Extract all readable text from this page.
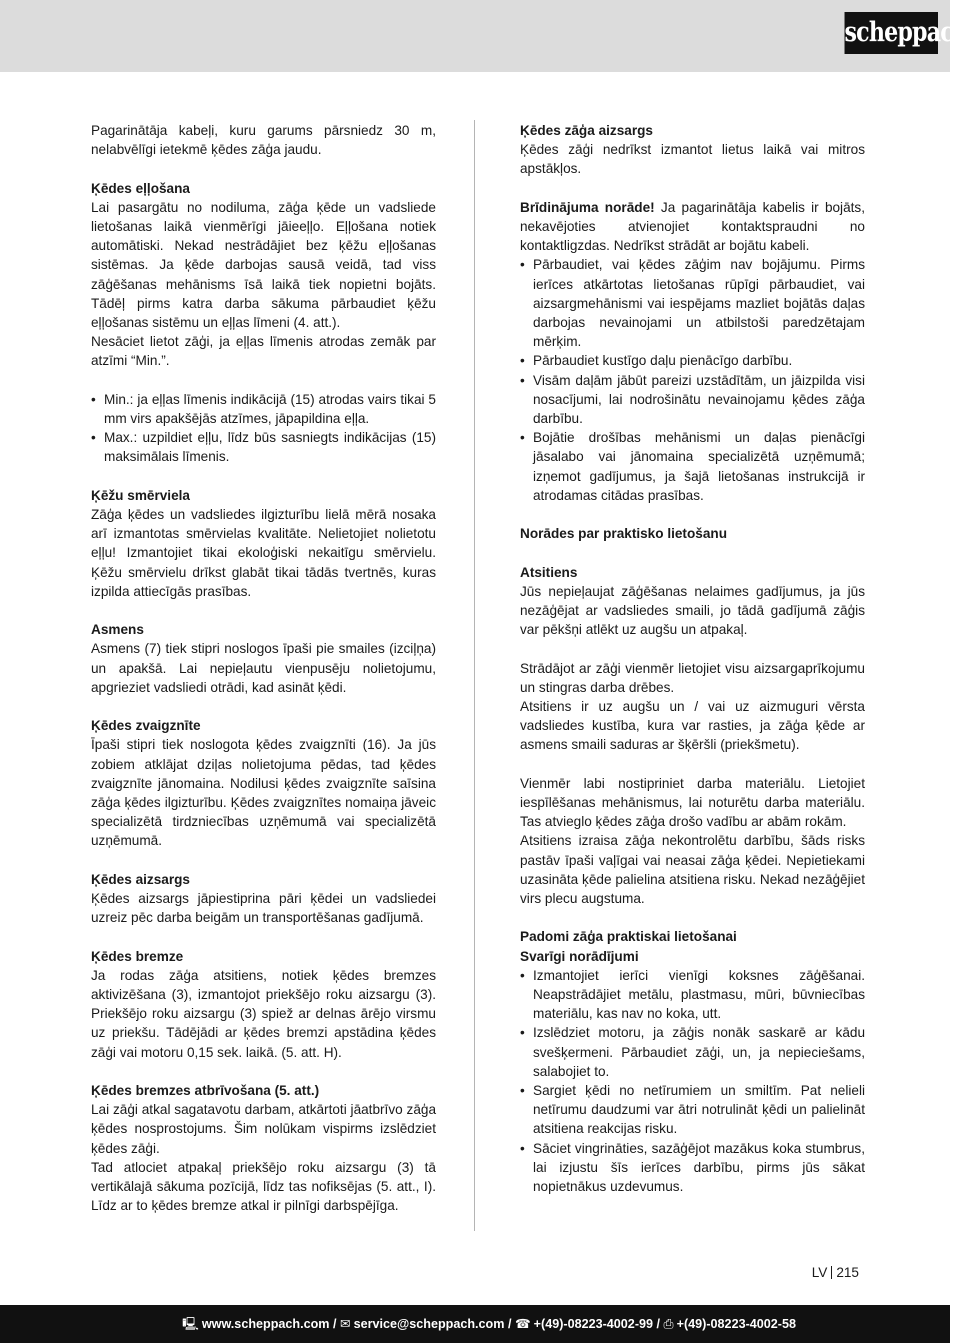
scheppach

Pagarinātāja kabeļi, kuru garums pārsniedz 30 m, nelabvēlīgi ietekmē ķēdes zāģa jaudu.

Ķēdes eļļošana

Lai pasargātu no nodiluma, zāģa ķēde un vadsliede lietošanas laikā vienmērīgi jāieeļļo. Eļļošana notiek automātiski. Nekad nestrādājiet bez ķēžu eļļošanas sistēmas. Ja ķēde darbojas sausā veidā, tad viss zāģēšanas mehānisms īsā laikā tiek nopietni bojāts. Tādēļ pirms katra darba sākuma pārbaudiet ķēžu eļļošanas sistēmu un eļļas līmeni (4. att.).

Nesāciet lietot zāģi, ja eļļas līmenis atrodas zemāk par atzīmi “Min.”.

• Min.: ja eļļas līmenis indikācijā (15) atrodas vairs tikai 5 mm virs apakšējās atzīmes, jāpapildina eļļa.
• Max.: uzpildiet eļļu, līdz būs sasniegts indikācijas (15) maksimālais līmenis.

Ķēžu smērviela

Zāģa ķēdes un vadsliedes ilgizturību lielā mērā nosaka arī izmantotas smērvielas kvalitāte. Nelietojiet nolietotu eļļu! Izmantojiet tikai ekoloģiski nekaitīgu smērvielu. Ķēžu smērvielu drīkst glabāt tikai tādās tvertnēs, kuras izpilda attiecīgās prasības.

Asmens

Asmens (7) tiek stipri noslogos īpaši pie smailes (izciļņa) un apakšā. Lai nepieļautu vienpusēju nolietojumu, apgrieziet vadsliedi otrādi, kad asināt ķēdi.

Ķēdes zvaigznīte

Īpaši stipri tiek noslogota ķēdes zvaigznīti (16). Ja jūs zobiem atklājat dziļas nolietojuma pēdas, tad ķēdes zvaigznīte jānomaina. Nodilusi ķēdes zvaigznīte saīsina zāģa ķēdes ilgizturību. Ķēdes zvaigznītes nomaiņa jāveic specializētā tirdzniecības uzņēmumā vai specializētā uzņēmumā.

Ķēdes aizsargs

Ķēdes aizsargs jāpiestiprina pāri ķēdei un vadsliedei uzreiz pēc darba beigām un transportēšanas gadījumā.

Ķēdes bremze

Ja rodas zāģa atsitiens, notiek ķēdes bremzes aktivizēšana (3), izmantojot priekšējo roku aizsargu (3). Priekšējo roku aizsargu (3) spiež ar delnas ārējo virsmu uz priekšu. Tādējādi ar ķēdes bremzi apstādina ķēdes zāģi vai motoru 0,15 sek. laikā. (5. att. H).

Ķēdes bremzes atbrīvošana (5. att.)

Lai zāģi atkal sagatavotu darbam, atkārtoti jāatbrīvo zāģa ķēdes nosprostojums. Šim nolūkam vispirms izslēdziet ķēdes zāģi.

Tad atlociet atpakaļ priekšējo roku aizsargu (3) tā vertikālajā sākuma pozīcijā, līdz tas nofiksējas (5. att., I). Līdz ar to ķēdes bremze atkal ir pilnīgi darbspējīga.

Ķēdes zāģa aizsargs

Ķēdes zāģi nedrīkst izmantot lietus laikā vai mitros apstākļos.

Brīdinājuma norāde! Ja pagarinātāja kabelis ir bojāts, nekavējoties atvienojiet kontaktspraudni no kontaktligzdas. Nedrīkst strādāt ar bojātu kabeli.

• Pārbaudiet, vai ķēdes zāģim nav bojājumu. Pirms ierīces atkārtotas lietošanas rūpīgi pārbaudiet, vai aizsargmehānismi vai iespējams mazliet bojātās daļas darbojas nevainojami un atbilstoši paredzētajam mērķim.
• Pārbaudiet kustīgo daļu pienācīgo darbību.
• Visām daļām jābūt pareizi uzstādītām, un jāizpilda visi nosacījumi, lai nodrošinātu nevainojamu ķēdes zāģa darbību.
• Bojātie drošības mehānismi un daļas pienācīgi jāsalabo vai jānomaina specializētā uzņēmumā; izņemot gadījumus, ja šajā lietošanas instrukcijā ir atrodamas citādas prasības.

Norādes par praktisko lietošanu

Atsitiens

Jūs nepieļaujat zāģēšanas nelaimes gadījumus, ja jūs nezāģējat ar vadsliedes smaili, jo tādā gadījumā zāģis var pēkšņi atlēkt uz augšu un atpakaļ.

Strādājot ar zāģi vienmēr lietojiet visu aizsargaprīkojumu un stingras darba drēbes.

Atsitiens ir uz augšu un / vai uz aizmuguri vērsta vadsliedes kustība, kura var rasties, ja zāģa ķēde ar asmens smaili saduras ar šķēršli (priekšmetu).

Vienmēr labi nostipriniet darba materiālu. Lietojiet iespīlēšanas mehānismus, lai noturētu darba materiālu. Tas atvieglo ķēdes zāģa drošo vadību ar abām rokām.

Atsitiens izraisa zāģa nekontrolētu darbību, šāds risks pastāv īpaši vaļīgai vai neasai zāģa ķēdei. Nepietiekami uzasināta ķēde palielina atsitiena risku. Nekad nezāģējiet virs plecu augstuma.

Padomi zāģa praktiskai lietošanai

Svarīgi norādījumi

• Izmantojiet ierīci vienīgi koksnes zāģēšanai. Neapstrādājiet metālu, plastmasu, mūri, būvniecības materiālu, kas nav no koka, utt.
• Izslēdziet motoru, ja zāģis nonāk saskarē ar kādu svešķermeni. Pārbaudiet zāģi, un, ja nepieciešams, salabojiet to.
• Sargiet ķēdi no netīrumiem un smiltīm. Pat nelieli netīrumu daudzumi var ātri notrulināt ķēdi un palielināt atsitiena reakcijas risku.
• Sāciet vingrināties, sazāģējot mazākus koka stumbrus, lai izjustu šīs ierīces darbību, pirms jūs sākat nopietnākus uzdevumus.
LV 215
🖳 www.scheppach.com / ✉ service@scheppach.com / ☎ +(49)-08223-4002-99 / ⎙ +(49)-08223-4002-58
